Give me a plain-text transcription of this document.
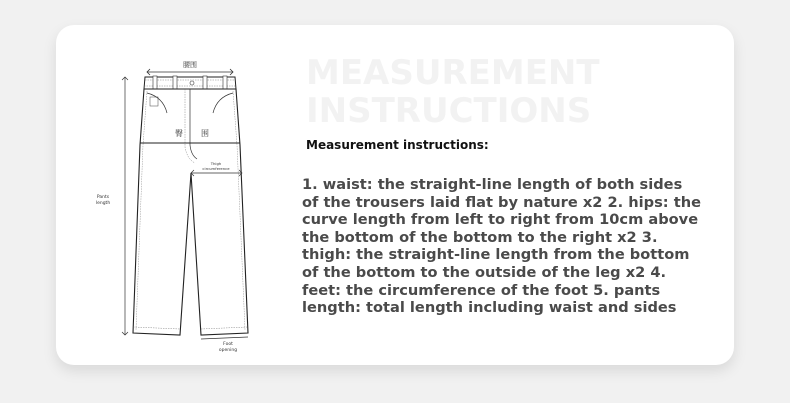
腰围
臀 围
Thigh
circumference
Pants
length
Foot
opening
MEASUREMENT
INSTRUCTIONS
Measurement instructions:
1. waist: the straight-line length of both sides of the trousers laid flat by nature x2 2. hips: the curve length from left to right from 10cm above the bottom of the bottom to the right x2 3. thigh: the straight-line length from the bottom of the bottom to the outside of the leg x2 4. feet: the circumference of the foot 5. pants length: total length including waist and sides
